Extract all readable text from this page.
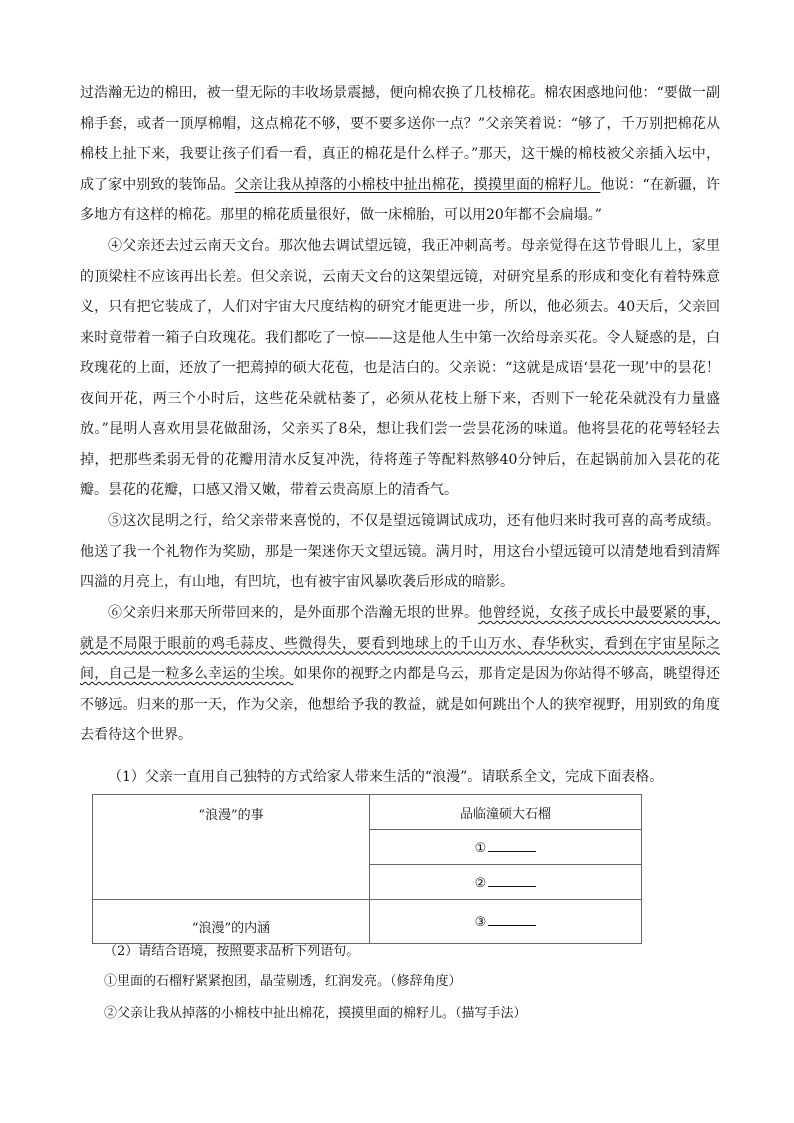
过浩瀚无边的棉田，被一望无际的丰收场景震撼，便向棉农换了几枝棉花。棉农困惑地问他：“要做一副棉手套，或者一顶厚棉帽，这点棉花不够，要不要多送你一点？”父亲笑着说：“够了，千万别把棉花从棉枝上扯下来，我要让孩子们看一看，真正的棉花是什么样子。”那天，这干燥的棉枝被父亲插入坛中，成了家中别致的装饰品。父亲让我从掉落的小棉枝中扯出棉花，摸摸里面的棉籽儿。他说：“在新疆，许多地方有这样的棉花。那里的棉花质量很好，做一床棉胎，可以用20年都不会扁塌。”

④父亲还去过云南天文台。那次他去调试望远镜，我正冲刺高考。母亲觉得在这节骨眼儿上，家里的顶梁柱不应该再出长差。但父亲说，云南天文台的这架望远镜，对研究星系的形成和变化有着特殊意义，只有把它装成了，人们对宇宙大尺度结构的研究才能更进一步，所以，他必须去。40天后，父亲回来时竟带着一箱子白玫瑰花。我们都吃了一惊——这是他人生中第一次给母亲买花。令人疑惑的是，白玫瑰花的上面，还放了一把蔫掉的硕大花苞，也是洁白的。父亲说：“这就是成语‘昙花一现’中的昙花！夜间开花，两三个小时后，这些花朵就枯萎了，必须从花枝上掰下来，否则下一轮花朵就没有力量盛放。”昆明人喜欢用昙花做甜汤，父亲买了8朵，想让我们尝一尝昙花汤的味道。他将昙花的花萼轻轻去掉，把那些柔弱无骨的花瓣用清水反复冲洗，待将莲子等配料熬够40分钟后，在起锅前加入昙花的花瓣。昙花的花瓣，口感又滑又嫩，带着云贵高原上的清香气。

⑤这次昆明之行，给父亲带来喜悦的，不仅是望远镜调试成功，还有他归来时我可喜的高考成绩。他送了我一个礼物作为奖励，那是一架迷你天文望远镜。满月时，用这台小望远镜可以清楚地看到清辉四溢的月亮上，有山地，有凹坑，也有被宇宙风暴吹袭后形成的暗影。

⑥父亲归来那天所带回来的，是外面那个浩瀚无垠的世界。他曾经说，女孩子成长中最要紧的事，就是不局限于眼前的鸡毛蒜皮、些微得失，要看到地球上的千山万水、春华秋实，看到在宇宙星际之间，自己是一粒多么幸运的尘埃。如果你的视野之内都是乌云，那肯定是因为你站得不够高，眺望得还不够远。归来的那一天，作为父亲，他想给予我的教益，就是如何跳出个人的狭窄视野，用别致的角度去看待这个世界。

（1）父亲一直用自己独特的方式给家人带来生活的“浪漫”。请联系全文，完成下面表格。

“浪漫”的事	品临潼硕大石榴
	①
	②
“浪漫”的内涵	③

（2）请结合语境，按照要求品析下列语句。

①里面的石榴籽紧紧抱团，晶莹剔透，红润发亮。（修辞角度）

②父亲让我从掉落的小棉枝中扯出棉花，摸摸里面的棉籽儿。（描写手法）
